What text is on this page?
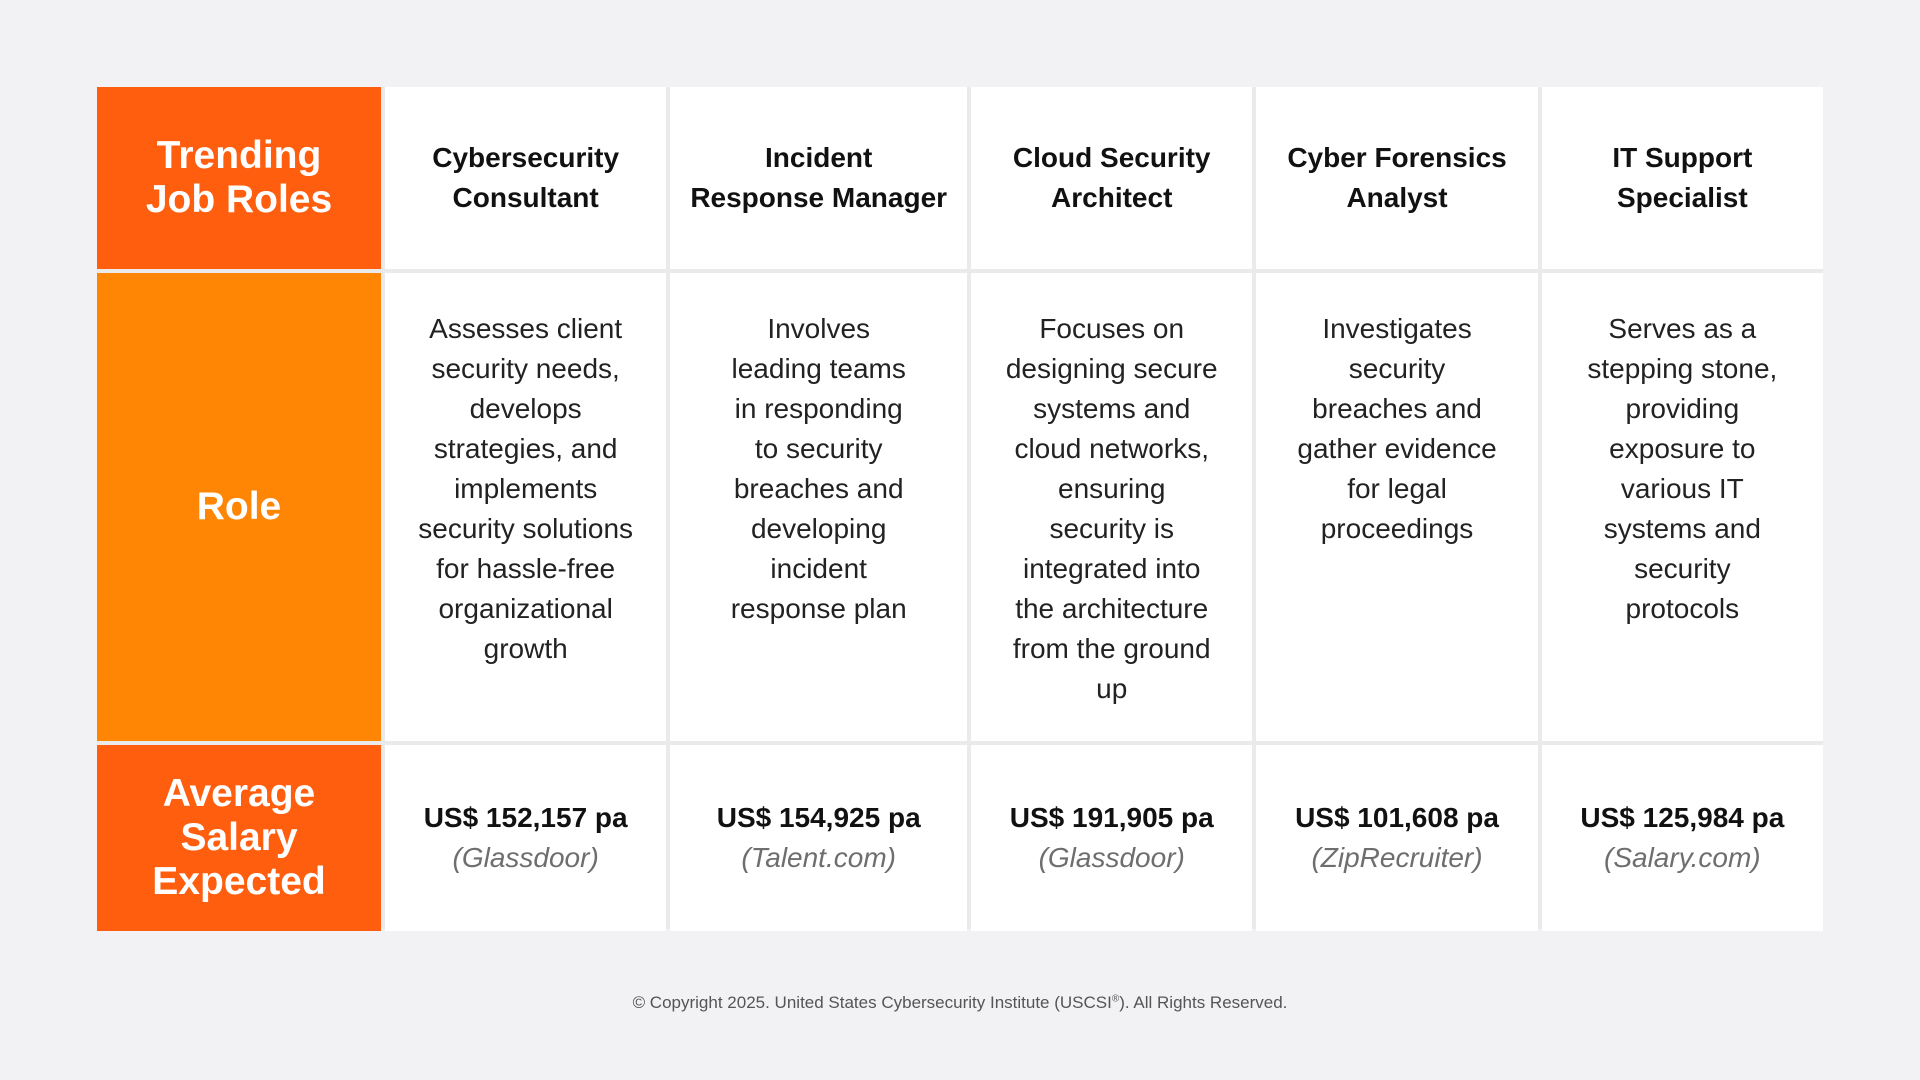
Trending
Job Roles
Cybersecurity
Consultant
Incident
Response Manager
Cloud Security
Architect
Cyber Forensics
Analyst
IT Support
Specialist
Role
Assesses client
security needs,
develops
strategies, and
implements
security solutions
for hassle-free
organizational
growth
Involves
leading teams
in responding
to security
breaches and
developing
incident
response plan
Focuses on
designing secure
systems and
cloud networks,
ensuring
security is
integrated into
the architecture
from the ground
up
Investigates
security
breaches and
gather evidence
for legal
proceedings
Serves as a
stepping stone,
providing
exposure to
various IT
systems and
security
protocols
Average
Salary
Expected
US$ 152,157 pa
(Glassdoor)
US$ 154,925 pa
(Talent.com)
US$ 191,905 pa
(Glassdoor)
US$ 101,608 pa
(ZipRecruiter)
US$ 125,984 pa
(Salary.com)
© Copyright 2025. United States Cybersecurity Institute (USCSI®). All Rights Reserved.
